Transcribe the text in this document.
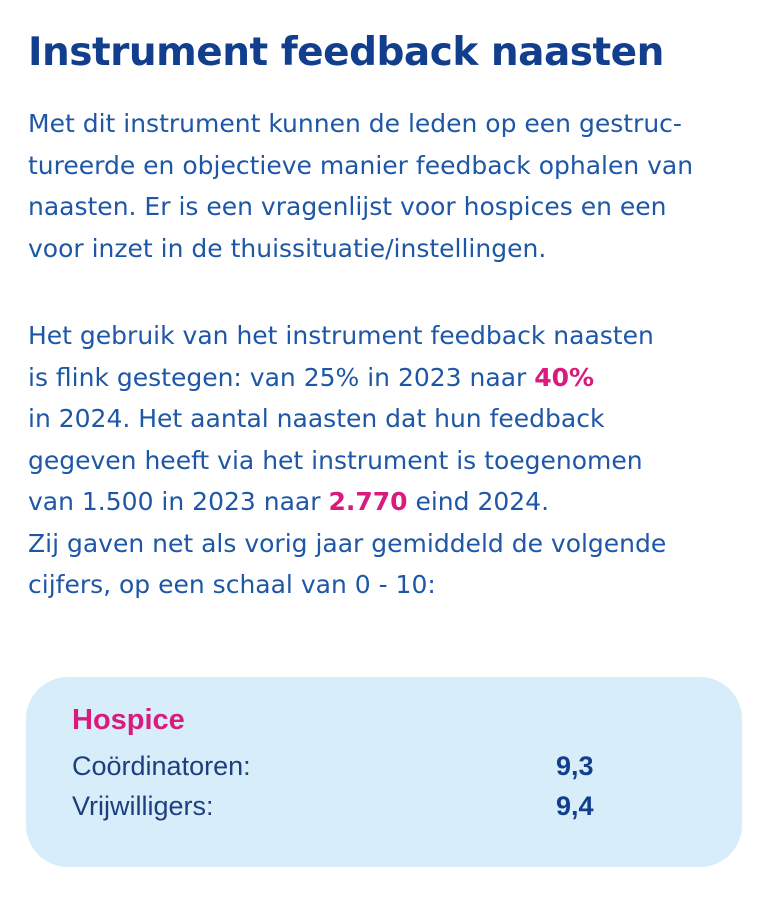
Instrument feedback naasten

Met dit instrument kunnen de leden op een gestruc-
tureerde en objectieve manier feedback ophalen van
naasten. Er is een vragenlijst voor hospices en een
voor inzet in de thuissituatie/instellingen.

Het gebruik van het instrument feedback naasten
is flink gestegen: van 25% in 2023 naar 40%
in 2024. Het aantal naasten dat hun feedback
gegeven heeft via het instrument is toegenomen
van 1.500 in 2023 naar 2.770 eind 2024.
Zij gaven net als vorig jaar gemiddeld de volgende
cijfers, op een schaal van 0 - 10:

Hospice
Coördinatoren:	9,3
Vrijwilligers:	9,4
